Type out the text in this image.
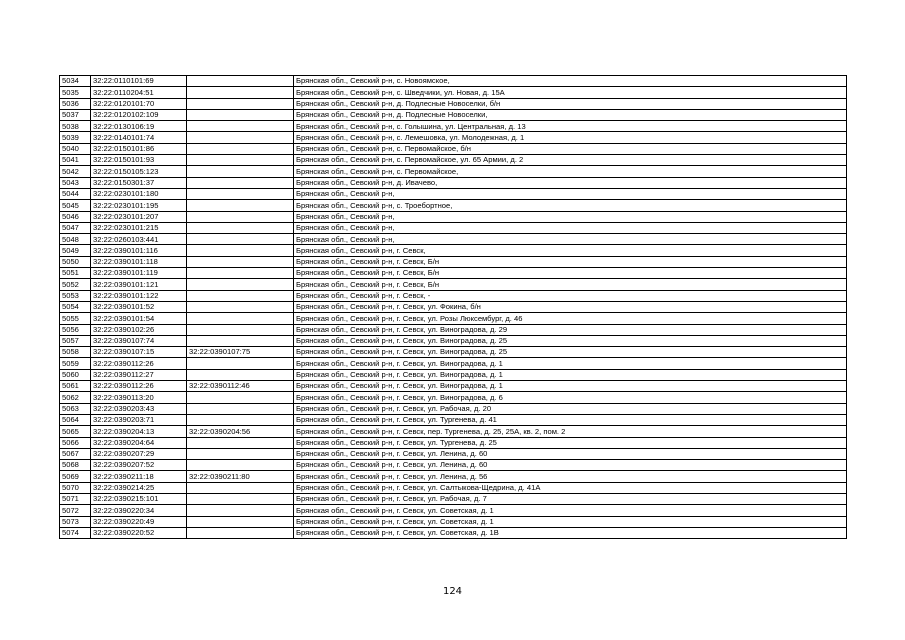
5034	32:22:0110101:69		Брянская обл., Севский р-н, с. Новоямское,
5035	32:22:0110204:51		Брянская обл., Севский р-н, с. Шведчики, ул. Новая, д. 15А
5036	32:22:0120101:70		Брянская обл., Севский р-н, д. Подлесные Новоселки, б/н
5037	32:22:0120102:109		Брянская обл., Севский р-н, д. Подлесные Новоселки,
5038	32:22:0130106:19		Брянская обл., Севский р-н, с. Голышина, ул. Центральная, д. 13
5039	32:22:0140101:74		Брянская обл., Севский р-н, с. Лемешовка, ул. Молодежная, д. 1
5040	32:22:0150101:86		Брянская обл., Севский р-н, с. Первомайское, б/н
5041	32:22:0150101:93		Брянская обл., Севский р-н, с. Первомайское, ул. 65 Армии, д. 2
5042	32:22:0150105:123		Брянская обл., Севский р-н, с. Первомайское,
5043	32:22:0150301:37		Брянская обл., Севский р-н, д. Ивачево,
5044	32:22:0230101:180		Брянская обл., Севский р-н,
5045	32:22:0230101:195		Брянская обл., Севский р-н, с. Троебортное,
5046	32:22:0230101:207		Брянская обл., Севский р-н,
5047	32:22:0230101:215		Брянская обл., Севский р-н,
5048	32:22:0260103:441		Брянская обл., Севский р-н,
5049	32:22:0390101:116		Брянская обл., Севский р-н, г. Севск,
5050	32:22:0390101:118		Брянская обл., Севский р-н, г. Севск, Б/н
5051	32:22:0390101:119		Брянская обл., Севский р-н, г. Севск, Б/н
5052	32:22:0390101:121		Брянская обл., Севский р-н, г. Севск, Б/н
5053	32:22:0390101:122		Брянская обл., Севский р-н, г. Севск, -
5054	32:22:0390101:52		Брянская обл., Севский р-н, г. Севск, ул. Фокина, б/н
5055	32:22:0390101:54		Брянская обл., Севский р-н, г. Севск, ул. Розы Люксембург, д. 46
5056	32:22:0390102:26		Брянская обл., Севский р-н, г. Севск, ул. Виноградова, д. 29
5057	32:22:0390107:74		Брянская обл., Севский р-н, г. Севск, ул. Виноградова, д. 25
5058	32:22:0390107:15	32:22:0390107:75	Брянская обл., Севский р-н, г. Севск, ул. Виноградова, д. 25
5059	32:22:0390112:26		Брянская обл., Севский р-н, г. Севск, ул. Виноградова, д. 1
5060	32:22:0390112:27		Брянская обл., Севский р-н, г. Севск, ул. Виноградова, д. 1
5061	32:22:0390112:26	32:22:0390112:46	Брянская обл., Севский р-н, г. Севск, ул. Виноградова, д. 1
5062	32:22:0390113:20		Брянская обл., Севский р-н, г. Севск, ул. Виноградова, д. 6
5063	32:22:0390203:43		Брянская обл., Севский р-н, г. Севск, ул. Рабочая, д. 20
5064	32:22:0390203:71		Брянская обл., Севский р-н, г. Севск, ул. Тургенева, д. 41
5065	32:22:0390204:13	32:22:0390204:56	Брянская обл., Севский р-н, г. Севск, пер. Тургенева, д. 25, 25А, кв. 2, пом. 2
5066	32:22:0390204:64		Брянская обл., Севский р-н, г. Севск, ул. Тургенева, д. 25
5067	32:22:0390207:29		Брянская обл., Севский р-н, г. Севск, ул. Ленина, д. 60
5068	32:22:0390207:52		Брянская обл., Севский р-н, г. Севск, ул. Ленина, д. 60
5069	32:22:0390211:18	32:22:0390211:80	Брянская обл., Севский р-н, г. Севск, ул. Ленина, д. 56
5070	32:22:0390214:25		Брянская обл., Севский р-н, г. Севск, ул. Салтыкова-Щедрина, д. 41А
5071	32:22:0390215:101		Брянская обл., Севский р-н, г. Севск, ул. Рабочая, д. 7
5072	32:22:0390220:34		Брянская обл., Севский р-н, г. Севск, ул. Советская, д. 1
5073	32:22:0390220:49		Брянская обл., Севский р-н, г. Севск, ул. Советская, д. 1
5074	32:22:0390220:52		Брянская обл., Севский р-н, г. Севск, ул. Советская, д. 1В
124
